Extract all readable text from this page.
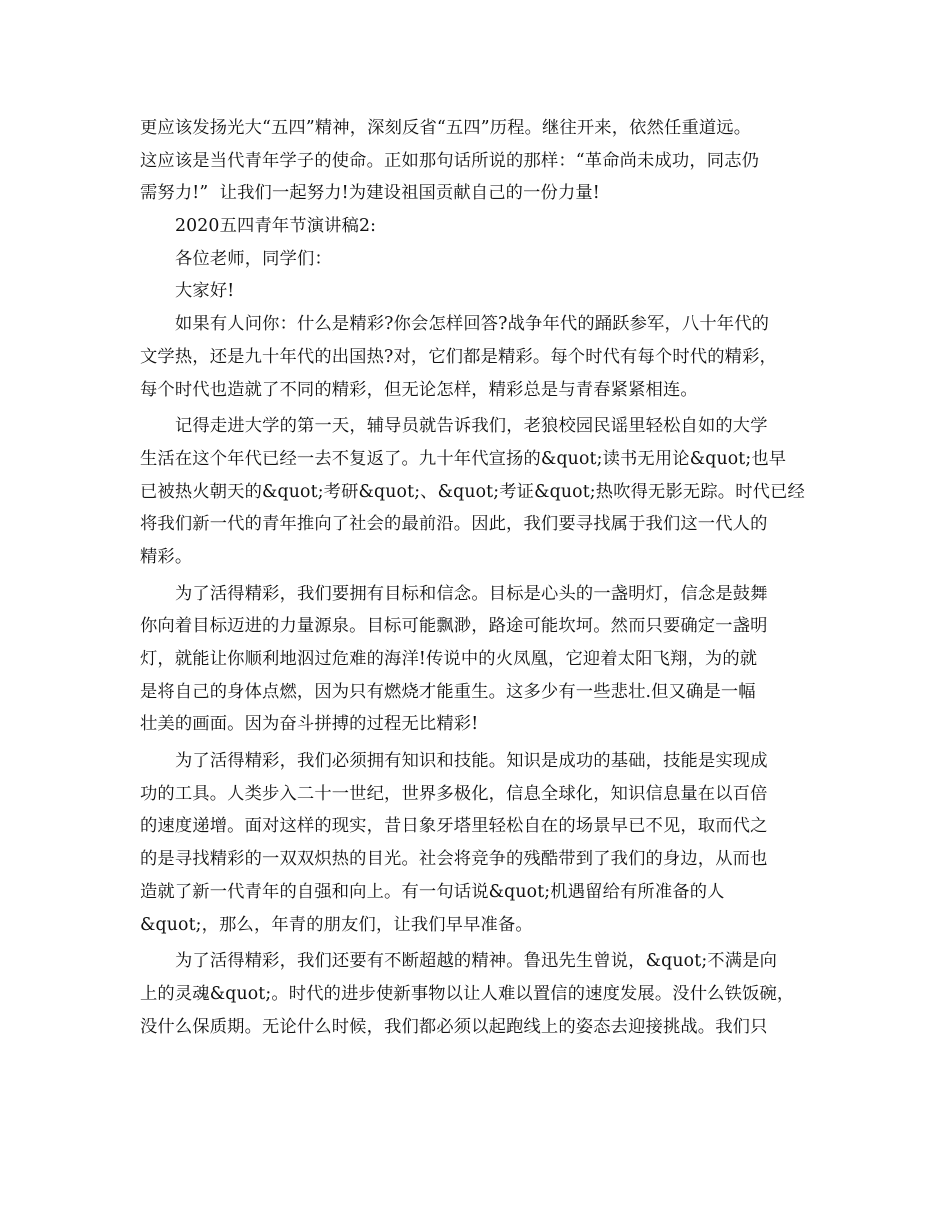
更应该发扬光大“五四”精神，深刻反省“五四”历程。继往开来，依然任重道远。
这应该是当代青年学子的使命。正如那句话所说的那样：“革命尚未成功，同志仍
需努力!”  让我们一起努力!为建设祖国贡献自己的一份力量!
2020五四青年节演讲稿2:
各位老师，同学们：
大家好!
如果有人问你：什么是精彩?你会怎样回答?战争年代的踊跃参军，八十年代的
文学热，还是九十年代的出国热?对，它们都是精彩。每个时代有每个时代的精彩，
每个时代也造就了不同的精彩，但无论怎样，精彩总是与青春紧紧相连。
记得走进大学的第一天，辅导员就告诉我们，老狼校园民谣里轻松自如的大学
生活在这个年代已经一去不复返了。九十年代宣扬的&quot;读书无用论&quot;也早
已被热火朝天的&quot;考研&quot;、&quot;考证&quot;热吹得无影无踪。时代已经
将我们新一代的青年推向了社会的最前沿。因此，我们要寻找属于我们这一代人的
精彩。
为了活得精彩，我们要拥有目标和信念。目标是心头的一盏明灯，信念是鼓舞
你向着目标迈进的力量源泉。目标可能飘渺，路途可能坎坷。然而只要确定一盏明
灯，就能让你顺利地泅过危难的海洋!传说中的火凤凰，它迎着太阳飞翔，为的就
是将自己的身体点燃，因为只有燃烧才能重生。这多少有一些悲壮.但又确是一幅
壮美的画面。因为奋斗拼搏的过程无比精彩!
为了活得精彩，我们必须拥有知识和技能。知识是成功的基础，技能是实现成
功的工具。人类步入二十一世纪，世界多极化，信息全球化，知识信息量在以百倍
的速度递增。面对这样的现实，昔日象牙塔里轻松自在的场景早已不见，取而代之
的是寻找精彩的一双双炽热的目光。社会将竞争的残酷带到了我们的身边，从而也
造就了新一代青年的自强和向上。有一句话说&quot;机遇留给有所准备的人
&quot;，那么，年青的朋友们，让我们早早准备。
为了活得精彩，我们还要有不断超越的精神。鲁迅先生曾说，&quot;不满是向
上的灵魂&quot;。时代的进步使新事物以让人难以置信的速度发展。没什么铁饭碗，
没什么保质期。无论什么时候，我们都必须以起跑线上的姿态去迎接挑战。我们只
